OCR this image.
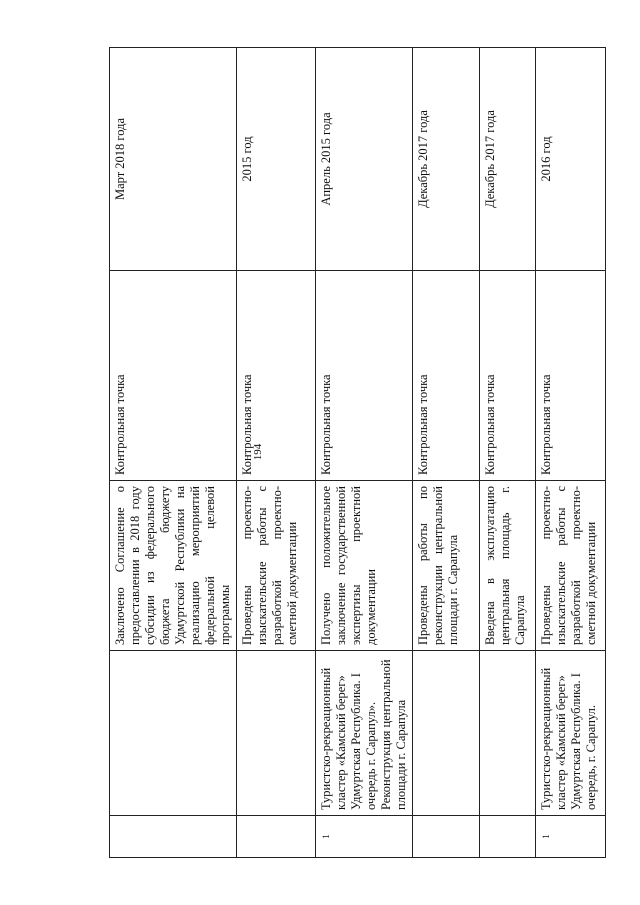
194
		Заключено Соглашение о предоставлении в 2018 году субсидии из федерального бюджета бюджету Удмуртской Республики на реализацию мероприятий федеральной целевой программы	Контрольная точка	Март 2018 года
		Проведены проектно-изыскательские работы с разработкой проектно-сметной документации	Контрольная точка	2015 год
1	Туристско-рекреационный кластер «Камский берег» Удмуртская Республика. I очередь г. Сарапул». Реконструкция центральной площади г. Сарапула	Получено положительное заключение государственной экспертизы проектной документации	Контрольная точка	Апрель 2015 года
		Проведены работы по реконструкции центральной площади г. Сарапула	Контрольная точка	Декабрь 2017 года
		Введена в эксплуатацию центральная площадь г. Сарапула	Контрольная точка	Декабрь 2017 года
1	Туристско-рекреационный кластер «Камский берег» Удмуртская Республика. I очередь, г. Сарапул.	Проведены проектно-изыскательские работы с разработкой проектно-сметной документации	Контрольная точка	2016 год
